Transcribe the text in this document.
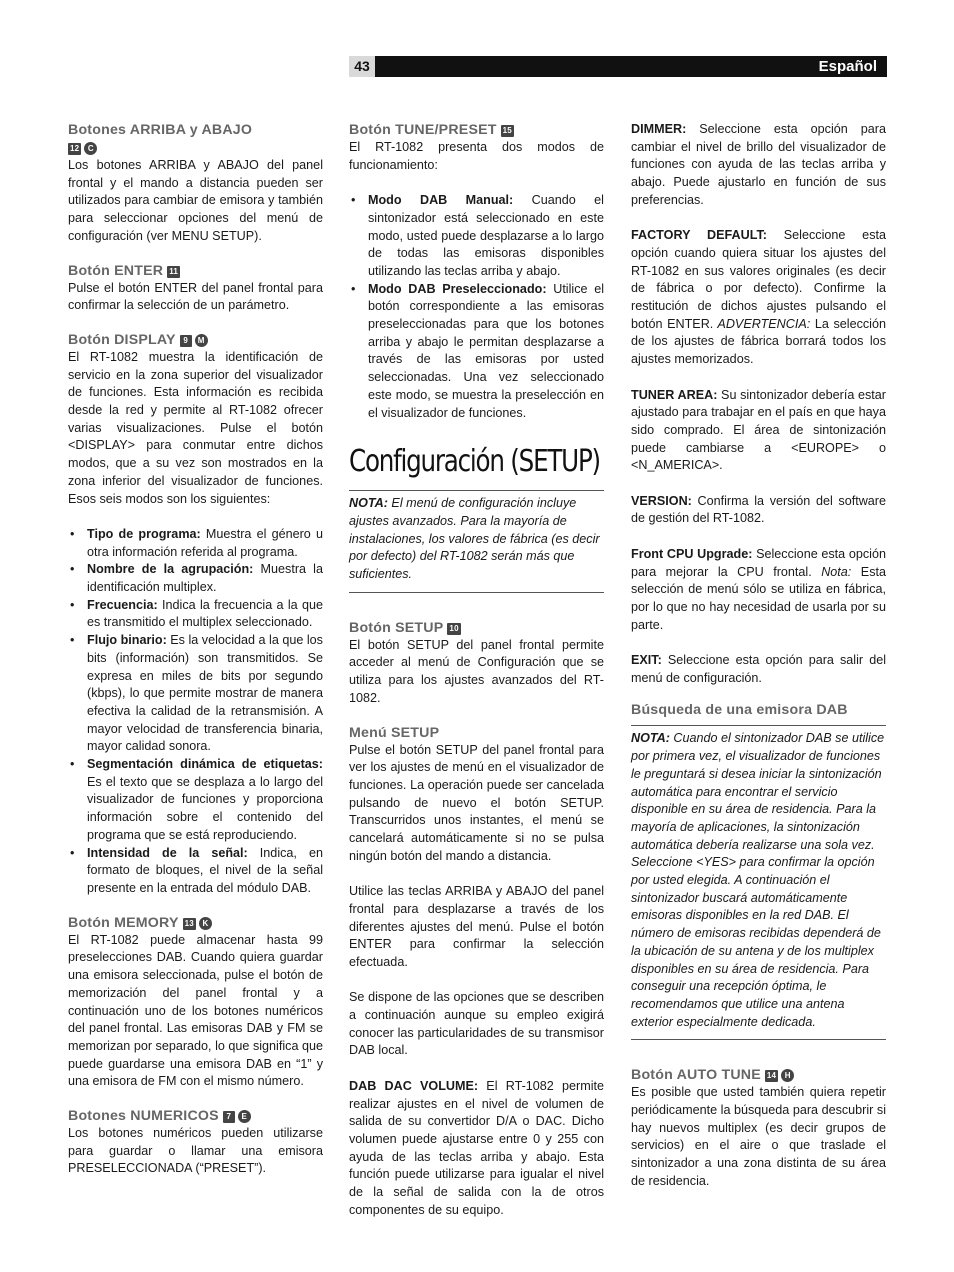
43	Español
Botones ARRIBA y ABAJO
12 C

Los botones ARRIBA y ABAJO del panel frontal y el mando a distancia pueden ser utilizados para cambiar de emisora y también para seleccionar opciones del menú de configuración (ver MENU SETUP).

Botón ENTER 11

Pulse el botón ENTER del panel frontal para confirmar la selección de un parámetro.

Botón DISPLAY 9 M

El RT-1082 muestra la identificación de servicio en la zona superior del visualizador de funciones. Esta información es recibida desde la red y permite al RT-1082 ofrecer varias visualizaciones. Pulse el botón <DISPLAY> para conmutar entre dichos modos, que a su vez son mostrados en la zona inferior del visualizador de funciones. Esos seis modos son los siguientes:

• Tipo de programa: Muestra el género u otra información referida al programa.
• Nombre de la agrupación: Muestra la identificación multiplex.
• Frecuencia: Indica la frecuencia a la que es transmitido el multiplex seleccionado.
• Flujo binario: Es la velocidad a la que los bits (información) son transmitidos. Se expresa en miles de bits por segundo (kbps), lo que permite mostrar de manera efectiva la calidad de la retransmisión. A mayor velocidad de transferencia binaria, mayor calidad sonora.
• Segmentación dinámica de etiquetas: Es el texto que se desplaza a lo largo del visualizador de funciones y proporciona información sobre el contenido del programa que se está reproduciendo.
• Intensidad de la señal: Indica, en formato de bloques, el nivel de la señal presente en la entrada del módulo DAB.
Botón MEMORY 13 K

El RT-1082 puede almacenar hasta 99 preselecciones DAB. Cuando quiera guardar una emisora seleccionada, pulse el botón de memorización del panel frontal y a continuación uno de los botones numéricos del panel frontal. Las emisoras DAB y FM se memorizan por separado, lo que significa que puede guardarse una emisora DAB en “1” y una emisora de FM con el mismo número.

Botones NUMERICOS 7 E

Los botones numéricos pueden utilizarse para guardar o llamar una emisora PRESELECCIONADA (“PRESET”).

Botón TUNE/PRESET 15

El RT-1082 presenta dos modos de funcionamiento:

• Modo DAB Manual: Cuando el sintonizador está seleccionado en este modo, usted puede desplazarse a lo largo de todas las emisoras disponibles utilizando las teclas arriba y abajo.
• Modo DAB Preseleccionado: Utilice el botón correspondiente a las emisoras preseleccionadas para que los botones arriba y abajo le permitan desplazarse a través de las emisoras por usted seleccionadas. Una vez seleccionado este modo, se muestra la preselección en el visualizador de funciones.
Configuración (SETUP)
NOTA: El menú de configuración incluye ajustes avanzados. Para la mayoría de instalaciones, los valores de fábrica (es decir por defecto) del RT-1082 serán más que suficientes.
Botón SETUP 10

El botón SETUP del panel frontal permite acceder al menú de Configuración que se utiliza para los ajustes avanzados del RT-1082.

Menú SETUP

Pulse el botón SETUP del panel frontal para ver los ajustes de menú en el visualizador de funciones. La operación puede ser cancelada pulsando de nuevo el botón SETUP. Transcurridos unos instantes, el menú se cancelará automáticamente si no se pulsa ningún botón del mando a distancia.

Utilice las teclas ARRIBA y ABAJO del panel frontal para desplazarse a través de los diferentes ajustes del menú. Pulse el botón ENTER para confirmar la selección efectuada.

Se dispone de las opciones que se describen a continuación aunque su empleo exigirá conocer las particularidades de su transmisor DAB local.

DAB DAC VOLUME: El RT-1082 permite realizar ajustes en el nivel de volumen de salida de su convertidor D/A o DAC. Dicho volumen puede ajustarse entre 0 y 255 con ayuda de las teclas arriba y abajo. Esta función puede utilizarse para igualar el nivel de la señal de salida con la de otros componentes de su equipo.

DIMMER: Seleccione esta opción para cambiar el nivel de brillo del visualizador de funciones con ayuda de las teclas arriba y abajo. Puede ajustarlo en función de sus preferencias.

FACTORY DEFAULT: Seleccione esta opción cuando quiera situar los ajustes del RT-1082 en sus valores originales (es decir de fábrica o por defecto). Confirme la restitución de dichos ajustes pulsando el botón ENTER. ADVERTENCIA: La selección de los ajustes de fábrica borrará todos los ajustes memorizados.

TUNER AREA: Su sintonizador debería estar ajustado para trabajar en el país en que haya sido comprado. El área de sintonización puede cambiarse a <EUROPE> o <N_AMERICA>.

VERSION: Confirma la versión del software de gestión del RT-1082.

Front CPU Upgrade: Seleccione esta opción para mejorar la CPU frontal. Nota: Esta selección de menú sólo se utiliza en fábrica, por lo que no hay necesidad de usarla por su parte.

EXIT: Seleccione esta opción para salir del menú de configuración.

Búsqueda de una emisora DAB
NOTA: Cuando el sintonizador DAB se utilice por primera vez, el visualizador de funciones le preguntará si desea iniciar la sintonización automática para encontrar el servicio disponible en su área de residencia. Para la mayoría de aplicaciones, la sintonización automática debería realizarse una sola vez. Seleccione <YES> para confirmar la opción por usted elegida. A continuación el sintonizador buscará automáticamente emisoras disponibles en la red DAB. El número de emisoras recibidas dependerá de la ubicación de su antena y de los multiplex disponibles en su área de residencia. Para conseguir una recepción óptima, le recomendamos que utilice una antena exterior especialmente dedicada.
Botón AUTO TUNE 14 H

Es posible que usted también quiera repetir periódicamente la búsqueda para descubrir si hay nuevos multiplex (es decir grupos de servicios) en el aire o que traslade el sintonizador a una zona distinta de su área de residencia.
